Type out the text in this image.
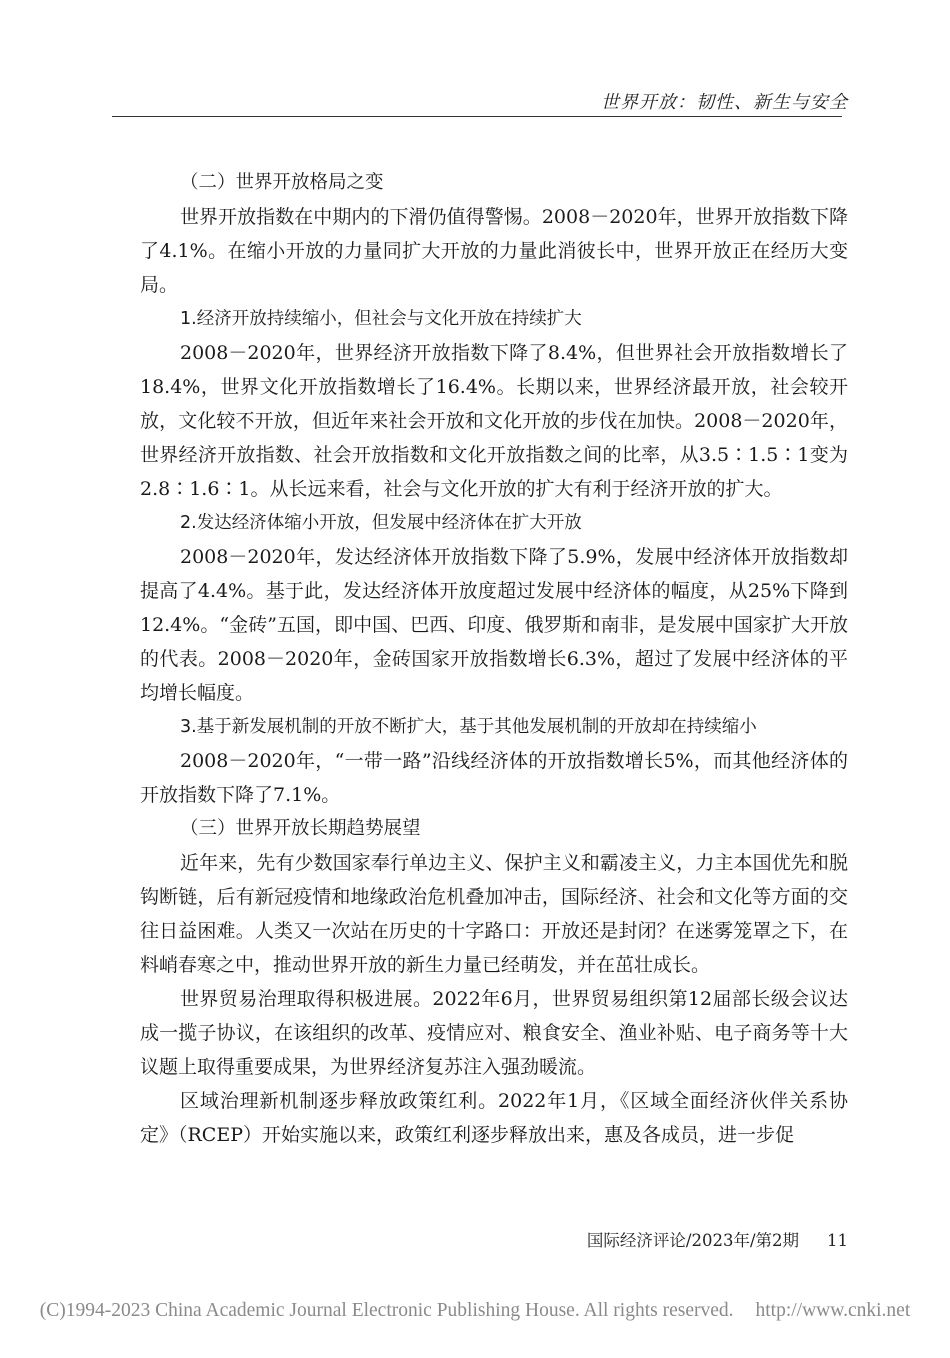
世界开放：韧性、新生与安全

（二）世界开放格局之变

世界开放指数在中期内的下滑仍值得警惕。2008－2020年，世界开放指数下降了4.1%。在缩小开放的力量同扩大开放的力量此消彼长中，世界开放正在经历大变局。

1.经济开放持续缩小，但社会与文化开放在持续扩大

2008－2020年，世界经济开放指数下降了8.4%，但世界社会开放指数增长了18.4%，世界文化开放指数增长了16.4%。长期以来，世界经济最开放，社会较开放，文化较不开放，但近年来社会开放和文化开放的步伐在加快。2008－2020年，世界经济开放指数、社会开放指数和文化开放指数之间的比率，从3.5∶1.5∶1变为2.8∶1.6∶1。从长远来看，社会与文化开放的扩大有利于经济开放的扩大。

2.发达经济体缩小开放，但发展中经济体在扩大开放

2008－2020年，发达经济体开放指数下降了5.9%，发展中经济体开放指数却提高了4.4%。基于此，发达经济体开放度超过发展中经济体的幅度，从25%下降到12.4%。“金砖”五国，即中国、巴西、印度、俄罗斯和南非，是发展中国家扩大开放的代表。2008－2020年，金砖国家开放指数增长6.3%，超过了发展中经济体的平均增长幅度。

3.基于新发展机制的开放不断扩大，基于其他发展机制的开放却在持续缩小

2008－2020年，“一带一路”沿线经济体的开放指数增长5%，而其他经济体的开放指数下降了7.1%。

（三）世界开放长期趋势展望

近年来，先有少数国家奉行单边主义、保护主义和霸凌主义，力主本国优先和脱钩断链，后有新冠疫情和地缘政治危机叠加冲击，国际经济、社会和文化等方面的交往日益困难。人类又一次站在历史的十字路口：开放还是封闭？在迷雾笼罩之下，在料峭春寒之中，推动世界开放的新生力量已经萌发，并在茁壮成长。

世界贸易治理取得积极进展。2022年6月，世界贸易组织第12届部长级会议达成一揽子协议，在该组织的改革、疫情应对、粮食安全、渔业补贴、电子商务等十大议题上取得重要成果，为世界经济复苏注入强劲暖流。

区域治理新机制逐步释放政策红利。2022年1月，《区域全面经济伙伴关系协定》（RCEP）开始实施以来，政策红利逐步释放出来，惠及各成员，进一步促

国际经济评论/2023年/第2期 11
(C)1994-2023 China Academic Journal Electronic Publishing House. All rights reserved. http://www.cnki.net
